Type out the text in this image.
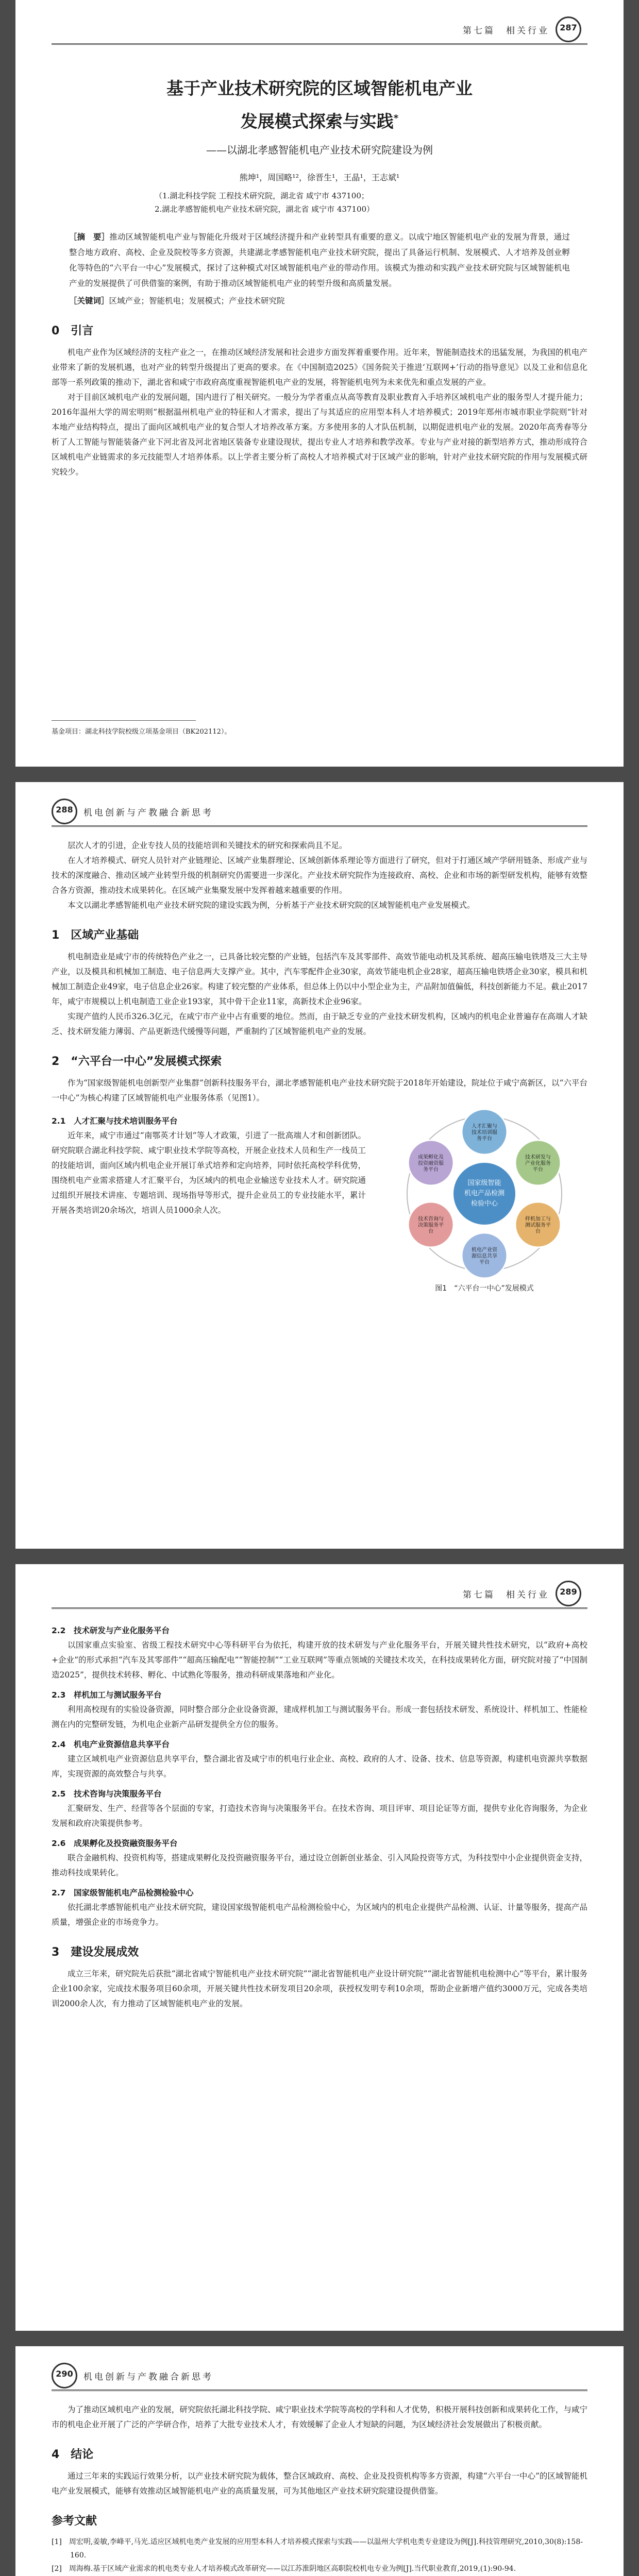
第七篇　相关行业	287
基于产业技术研究院的区域智能机电产业
发展模式探索与实践*
——以湖北孝感智能机电产业技术研究院建设为例
熊坤¹，周国略¹²，徐晋生¹，王晶¹，王志斌¹
（1.湖北科技学院 工程技术研究院，湖北省 咸宁市 437100；
2.湖北孝感智能机电产业技术研究院，湖北省 咸宁市 437100）
［摘　要］推动区域智能机电产业与智能化升级对于区域经济提升和产业转型具有重要的意义。以成宁地区智能机电产业的发展为背景，通过整合地方政府、高校、企业及院校等多方资源，共建湖北孝感智能机电产业技术研究院，提出了具备运行机制、发展模式、人才培养及创业孵化等特色的“六平台一中心”发展模式，探讨了这种模式对区域智能机电产业的带动作用。该模式为推动和实践产业技术研究院与区域智能机电产业的发展提供了可供借鉴的案例，有助于推动区域智能机电产业的转型升级和高质量发展。
［关键词］区域产业；智能机电；发展模式；产业技术研究院
0　引言

机电产业作为区域经济的支柱产业之一，在推动区域经济发展和社会进步方面发挥着重要作用。近年来，智能制造技术的迅猛发展，为我国的机电产业带来了新的发展机遇，也对产业的转型升级提出了更高的要求。在《中国制造2025》《国务院关于推进‘互联网+’行动的指导意见》以及工业和信息化部等一系列政策的推动下，湖北省和咸宁市政府高度重视智能机电产业的发展，将智能机电列为未来优先和重点发展的产业。

对于目前区域机电产业的发展问题，国内进行了相关研究。一般分为学者重点从高等教育及职业教育入手培养区域机电产业的服务型人才提升能力；2016年温州大学的周宏明则“根据温州机电产业的特征和人才需求，提出了与其适应的应用型本科人才培养模式；2019年郑州市城市职业学院则“针对本地产业结构特点，提出了面向区域机电产业的复合型人才培养改革方案。方多使用多的人才队伍机制，以期促进机电产业的发展。2020年高秀春等分析了人工智能与智能装备产业下河北省及河北省地区装备专业建设现状，提出专业人才培养和教学改革。专业与产业对接的新型培养方式，推动形成符合区域机电产业链需求的多元技能型人才培养体系。以上学者主要分析了高校人才培养模式对于区域产业的影响，针对产业技术研究院的作用与发展模式研究较少。

基金项目：湖北科技学院校级立项基金项目（BK202112）。
288	机电创新与产教融合新思考

层次人才的引进，企业专技人员的技能培训和关键技术的研究和探索尚且不足。

在人才培养模式、研究人员针对产业链理论、区域产业集群理论、区域创新体系理论等方面进行了研究，但对于打通区域产学研用链条、形成产业与技术的深度融合、推动区域产业转型升级的机制研究仍需要进一步深化。产业技术研究院作为连接政府、高校、企业和市场的新型研发机构，能够有效整合各方资源，推动技术成果转化。在区域产业集聚发展中发挥着越来越重要的作用。

本文以湖北孝感智能机电产业技术研究院的建设实践为例，分析基于产业技术研究院的区域智能机电产业发展模式。

1　区域产业基础

机电制造业是咸宁市的传统特色产业之一，已具备比较完整的产业链，包括汽车及其零部件、高效节能电动机及其系统、超高压输电铁塔及三大主导产业，以及模具和机械加工制造、电子信息两大支撑产业。其中，汽车零配件企业30家，高效节能电机企业28家，超高压输电铁塔企业30家，模具和机械加工制造企业49家，电子信息企业26家。构建了较完整的产业体系，但总体上仍以中小型企业为主，产品附加值偏低，科技创新能力不足。截止2017年，咸宁市规模以上机电制造工业企业193家，其中骨干企业11家，高新技术企业96家。

实现产值约人民币326.3亿元，在咸宁市产业中占有重要的地位。然而，由于缺乏专业的产业技术研发机构，区域内的机电企业普遍存在高端人才缺乏、技术研发能力薄弱、产品更新迭代缓慢等问题，严重制约了区域智能机电产业的发展。

2　“六平台一中心”发展模式探索

作为“国家级智能机电创新型产业集群”创新科技服务平台，湖北孝感智能机电产业技术研究院于2018年开始建设，院址位于咸宁高新区，以“六平台一中心”为核心构建了区域智能机电产业服务体系（见图1）。

2.1　人才汇聚与技术培训服务平台

近年来，咸宁市通过“南鄂英才计划”等人才政策，引进了一批高端人才和创新团队。研究院联合湖北科技学院、咸宁职业技术学院等高校，开展企业技术人员和生产一线员工的技能培训，面向区域内机电企业开展订单式培养和定向培养，同时依托高校学科优势，围绕机电产业需求搭建人才汇聚平台，为区域内的机电企业输送专业技术人才。研究院通过组织开展技术讲座、专题培训、现场指导等形式，提升企业员工的专业技能水平，累计开展各类培训20余场次，培训人员1000余人次。

人才汇聚与技术培训服务平台
技术研发与产业化服务平台
样机加工与测试服务平台
机电产业资源信息共享平台
技术咨询与决策服务平台
成果孵化及投资融资服务平台
国家级智能
机电产品检测
检验中心
图1　“六平台一中心”发展模式
第七篇　相关行业	289
2.2　技术研发与产业化服务平台

以国家重点实验室、省级工程技术研究中心等科研平台为依托，构建开放的技术研发与产业化服务平台，开展关键共性技术研究，以“政府+高校+企业”的形式承担“汽车及其零部件”“超高压输配电”“智能控制”“工业互联网”等重点领域的关键技术攻关，在科技成果转化方面，研究院对接了“中国制造2025”，提供技术转移、孵化、中试熟化等服务，推动科研成果落地和产业化。

2.3　样机加工与测试服务平台

利用高校现有的实验设备资源，同时整合部分企业设备资源，建成样机加工与测试服务平台。形成一套包括技术研发、系统设计、样机加工、性能检测在内的完整研发链，为机电企业新产品研发提供全方位的服务。

2.4　机电产业资源信息共享平台

建立区域机电产业资源信息共享平台，整合湖北省及咸宁市的机电行业企业、高校、政府的人才、设备、技术、信息等资源，构建机电资源共享数据库，实现资源的高效整合与共享。

2.5　技术咨询与决策服务平台

汇聚研发、生产、经营等各个层面的专家，打造技术咨询与决策服务平台。在技术咨询、项目评审、项目论证等方面，提供专业化咨询服务，为企业发展和政府决策提供参考。

2.6　成果孵化及投资融资服务平台

联合金融机构、投资机构等，搭建成果孵化及投资融资服务平台，通过设立创新创业基金、引入风险投资等方式，为科技型中小企业提供资金支持，推动科技成果转化。

2.7　国家级智能机电产品检测检验中心

依托湖北孝感智能机电产业技术研究院，建设国家级智能机电产品检测检验中心，为区域内的机电企业提供产品检测、认证、计量等服务，提高产品质量，增强企业的市场竞争力。

3　建设发展成效

成立三年来，研究院先后获批“湖北省咸宁智能机电产业技术研究院”“湖北省智能机电产业设计研究院”“湖北省智能机电检测中心”等平台，累计服务企业100余家，完成技术服务项目60余项，开展关键共性技术研发项目20余项，获授权发明专利10余项，帮助企业新增产值约3000万元，完成各类培训2000余人次，有力推动了区域智能机电产业的发展。

290	机电创新与产教融合新思考

为了推动区域机电产业的发展，研究院依托湖北科技学院、咸宁职业技术学院等高校的学科和人才优势，积极开展科技创新和成果转化工作，与咸宁市的机电企业开展了广泛的产学研合作，培养了大批专业技术人才，有效缓解了企业人才短缺的问题，为区域经济社会发展做出了积极贡献。

4　结论

通过三年来的实践运行效果分析，以产业技术研究院为载体，整合区域政府、高校、企业及投资机构等多方资源，构建“六平台一中心”的区域智能机电产业发展模式，能够有效推动区域智能机电产业的高质量发展，可为其他地区产业技术研究院建设提供借鉴。

参考文献
[1]　周宏明,姜敏,李峰平,马光.适应区域机电类产业发展的应用型本科人才培养模式探索与实践——以温州大学机电类专业建设为例[J].科技管理研究,2010,30(8):158-160.
[2]　周海梅.基于区域产业需求的机电类专业人才培养模式改革研究——以江苏淮阴地区高职院校机电专业为例[J].当代职业教育,2019,(1):90-94.
